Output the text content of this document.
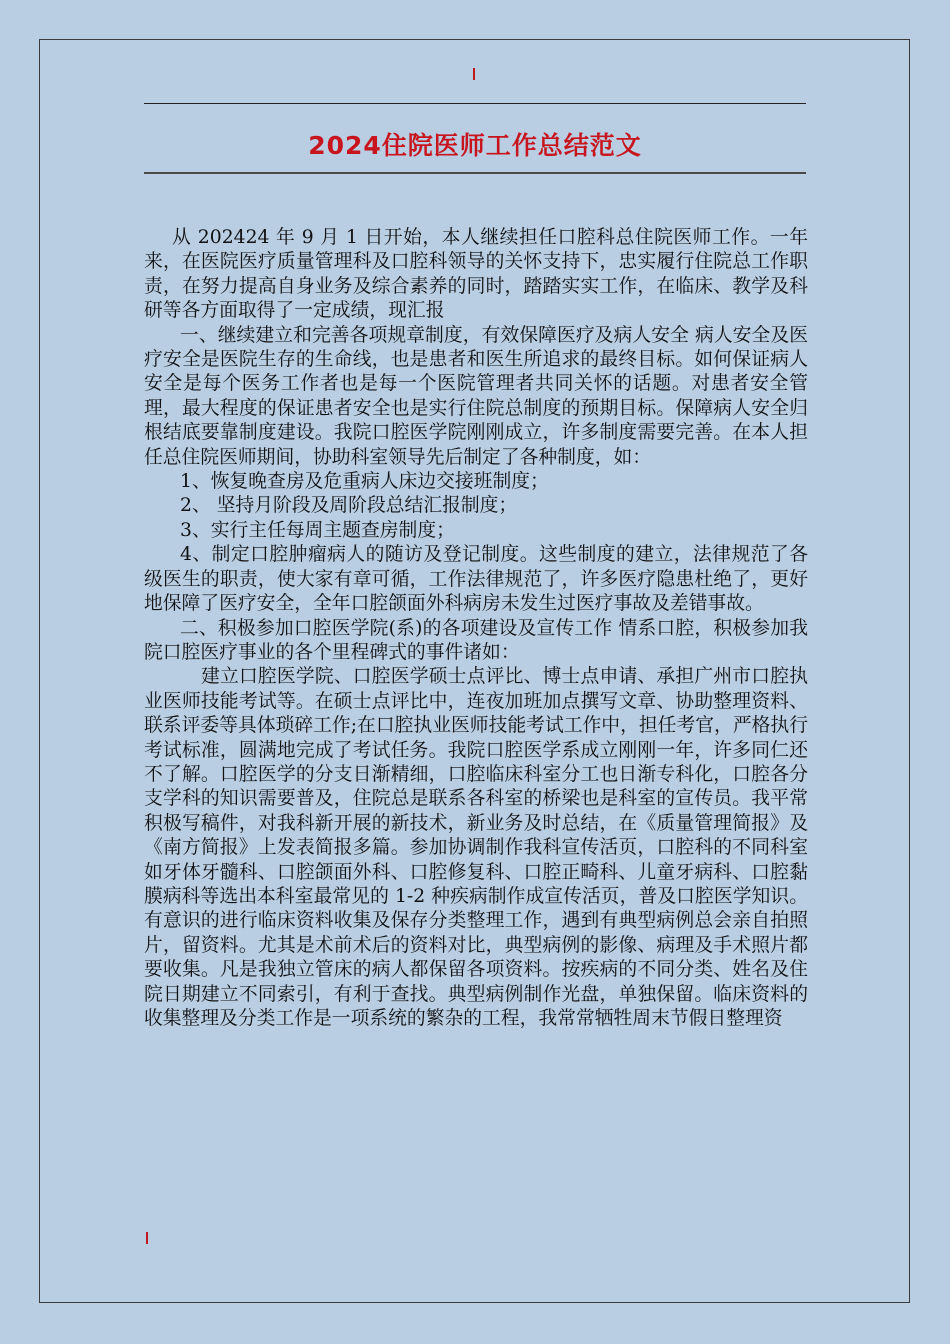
2024住院医师工作总结范文

从 202424 年 9 月 1 日开始，本人继续担任口腔科总住院医师工作。一年来，在医院医疗质量管理科及口腔科领导的关怀支持下，忠实履行住院总工作职责，在努力提高自身业务及综合素养的同时，踏踏实实工作，在临床、教学及科研等各方面取得了一定成绩，现汇报

一、继续建立和完善各项规章制度，有效保障医疗及病人安全 病人安全及医疗安全是医院生存的生命线，也是患者和医生所追求的最终目标。如何保证病人安全是每个医务工作者也是每一个医院管理者共同关怀的话题。对患者安全管理，最大程度的保证患者安全也是实行住院总制度的预期目标。保障病人安全归根结底要靠制度建设。我院口腔医学院刚刚成立，许多制度需要完善。在本人担任总住院医师期间，协助科室领导先后制定了各种制度，如：

1、恢复晚查房及危重病人床边交接班制度；

2、 坚持月阶段及周阶段总结汇报制度；

3、实行主任每周主题查房制度；

4、制定口腔肿瘤病人的随访及登记制度。这些制度的建立，法律规范了各级医生的职责，使大家有章可循，工作法律规范了，许多医疗隐患杜绝了，更好地保障了医疗安全，全年口腔颌面外科病房未发生过医疗事故及差错事故。

二、积极参加口腔医学院(系)的各项建设及宣传工作 情系口腔，积极参加我院口腔医疗事业的各个里程碑式的事件诸如：

建立口腔医学院、口腔医学硕士点评比、博士点申请、承担广州市口腔执业医师技能考试等。在硕士点评比中，连夜加班加点撰写文章、协助整理资料、联系评委等具体琐碎工作;在口腔执业医师技能考试工作中，担任考官，严格执行考试标准，圆满地完成了考试任务。我院口腔医学系成立刚刚一年，许多同仁还不了解。口腔医学的分支日渐精细，口腔临床科室分工也日渐专科化，口腔各分支学科的知识需要普及，住院总是联系各科室的桥梁也是科室的宣传员。我平常积极写稿件，对我科新开展的新技术，新业务及时总结，在《质量管理简报》及《南方简报》上发表简报多篇。参加协调制作我科宣传活页，口腔科的不同科室如牙体牙髓科、口腔颌面外科、口腔修复科、口腔正畸科、儿童牙病科、口腔黏膜病科等选出本科室最常见的 1-2 种疾病制作成宣传活页，普及口腔医学知识。有意识的进行临床资料收集及保存分类整理工作，遇到有典型病例总会亲自拍照片，留资料。尤其是术前术后的资料对比，典型病例的影像、病理及手术照片都要收集。凡是我独立管床的病人都保留各项资料。按疾病的不同分类、姓名及住院日期建立不同索引，有利于查找。典型病例制作光盘，单独保留。临床资料的收集整理及分类工作是一项系统的繁杂的工程，我常常牺牲周末节假日整理资
